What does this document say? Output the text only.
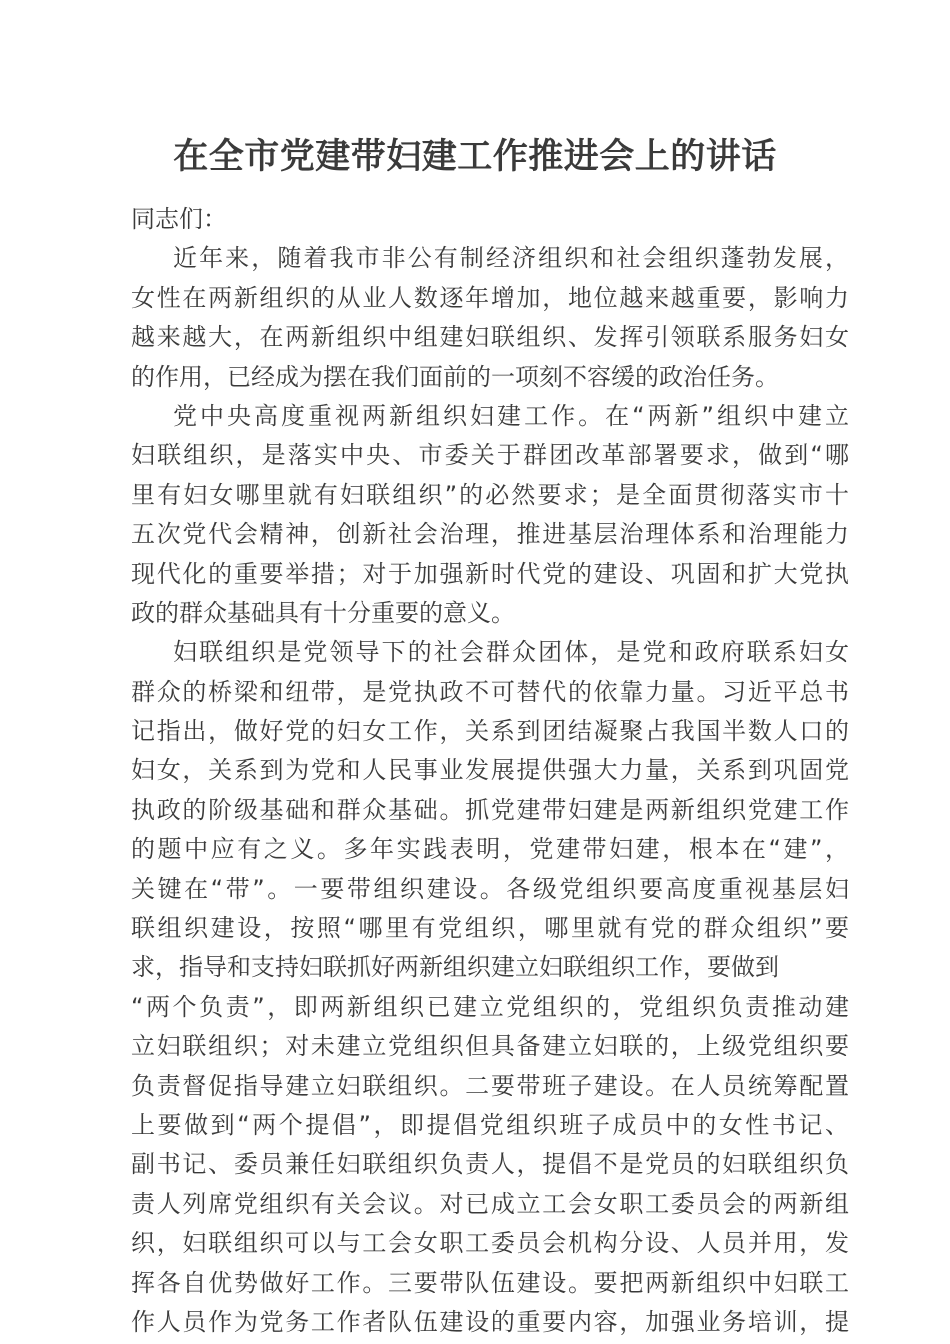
在全市党建带妇建工作推进会上的讲话
同志们：
近年来，随着我市非公有制经济组织和社会组织蓬勃发展，
女性在两新组织的从业人数逐年增加，地位越来越重要，影响力
越来越大，在两新组织中组建妇联组织、发挥引领联系服务妇女
的作用，已经成为摆在我们面前的一项刻不容缓的政治任务。
党中央高度重视两新组织妇建工作。在“两新”组织中建立
妇联组织，是落实中央、市委关于群团改革部署要求，做到“哪
里有妇女哪里就有妇联组织”的必然要求；是全面贯彻落实市十
五次党代会精神，创新社会治理，推进基层治理体系和治理能力
现代化的重要举措；对于加强新时代党的建设、巩固和扩大党执
政的群众基础具有十分重要的意义。
妇联组织是党领导下的社会群众团体，是党和政府联系妇女
群众的桥梁和纽带，是党执政不可替代的依靠力量。习近平总书
记指出，做好党的妇女工作，关系到团结凝聚占我国半数人口的
妇女，关系到为党和人民事业发展提供强大力量，关系到巩固党
执政的阶级基础和群众基础。抓党建带妇建是两新组织党建工作
的题中应有之义。多年实践表明，党建带妇建，根本在“建”，
关键在“带”。一要带组织建设。各级党组织要高度重视基层妇
联组织建设，按照“哪里有党组织，哪里就有党的群众组织”要
求，指导和支持妇联抓好两新组织建立妇联组织工作，要做到
“两个负责”，即两新组织已建立党组织的，党组织负责推动建
立妇联组织；对未建立党组织但具备建立妇联的，上级党组织要
负责督促指导建立妇联组织。二要带班子建设。在人员统筹配置
上要做到“两个提倡”，即提倡党组织班子成员中的女性书记、
副书记、委员兼任妇联组织负责人，提倡不是党员的妇联组织负
责人列席党组织有关会议。对已成立工会女职工委员会的两新组
织，妇联组织可以与工会女职工委员会机构分设、人员并用，发
挥各自优势做好工作。三要带队伍建设。要把两新组织中妇联工
作人员作为党务工作者队伍建设的重要内容，加强业务培训，提
